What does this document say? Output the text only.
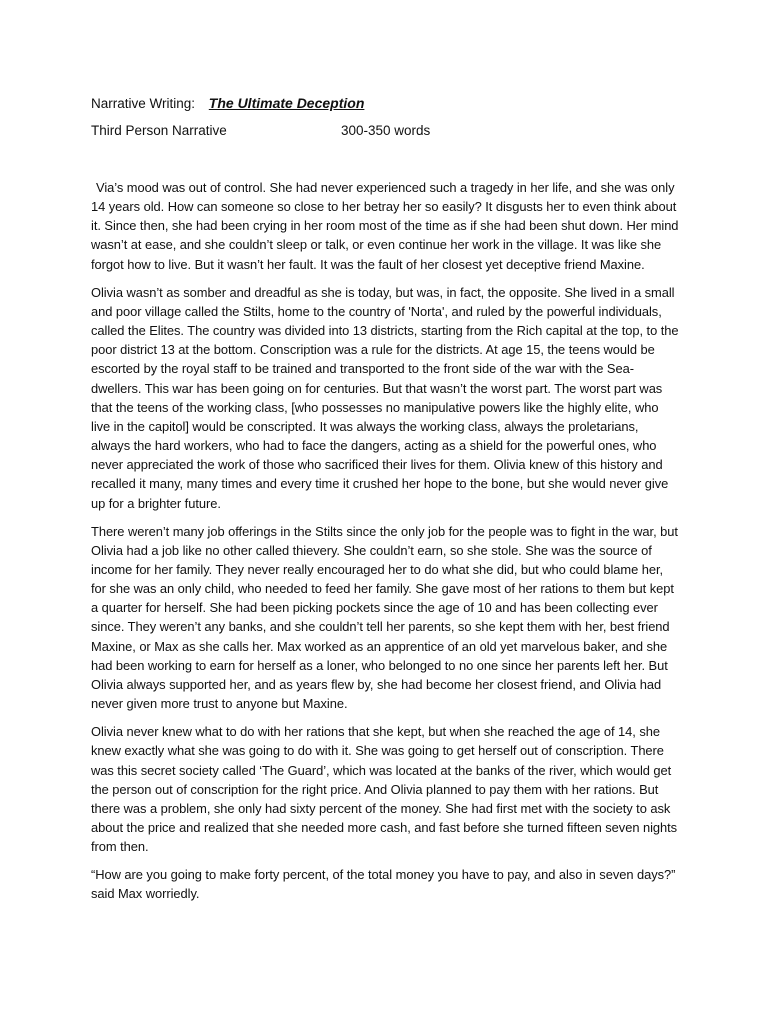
Narrative Writing: The Ultimate Deception
Third Person Narrative	300-350 words

Via’s mood was out of control. She had never experienced such a tragedy in her life, and she was only 14 years old. How can someone so close to her betray her so easily? It disgusts her to even think about it. Since then, she had been crying in her room most of the time as if she had been shut down. Her mind wasn’t at ease, and she couldn’t sleep or talk, or even continue her work in the village. It was like she forgot how to live. But it wasn’t her fault. It was the fault of her closest yet deceptive friend Maxine.

Olivia wasn’t as somber and dreadful as she is today, but was, in fact, the opposite. She lived in a small and poor village called the Stilts, home to the country of 'Norta', and ruled by the powerful individuals, called the Elites. The country was divided into 13 districts, starting from the Rich capital at the top, to the poor district 13 at the bottom. Conscription was a rule for the districts. At age 15, the teens would be escorted by the royal staff to be trained and transported to the front side of the war with the Sea-dwellers. This war has been going on for centuries. But that wasn’t the worst part. The worst part was that the teens of the working class, [who possesses no manipulative powers like the highly elite, who live in the capitol] would be conscripted. It was always the working class, always the proletarians, always the hard workers, who had to face the dangers, acting as a shield for the powerful ones, who never appreciated the work of those who sacrificed their lives for them. Olivia knew of this history and recalled it many, many times and every time it crushed her hope to the bone, but she would never give up for a brighter future.

There weren’t many job offerings in the Stilts since the only job for the people was to fight in the war, but Olivia had a job like no other called thievery. She couldn’t earn, so she stole. She was the source of income for her family. They never really encouraged her to do what she did, but who could blame her, for she was an only child, who needed to feed her family. She gave most of her rations to them but kept a quarter for herself. She had been picking pockets since the age of 10 and has been collecting ever since. They weren’t any banks, and she couldn’t tell her parents, so she kept them with her, best friend Maxine, or Max as she calls her. Max worked as an apprentice of an old yet marvelous baker, and she had been working to earn for herself as a loner, who belonged to no one since her parents left her. But Olivia always supported her, and as years flew by, she had become her closest friend, and Olivia had never given more trust to anyone but Maxine.

Olivia never knew what to do with her rations that she kept, but when she reached the age of 14, she knew exactly what she was going to do with it. She was going to get herself out of conscription. There was this secret society called ‘The Guard’, which was located at the banks of the river, which would get the person out of conscription for the right price. And Olivia planned to pay them with her rations. But there was a problem, she only had sixty percent of the money. She had first met with the society to ask about the price and realized that she needed more cash, and fast before she turned fifteen seven nights from then.

“How are you going to make forty percent, of the total money you have to pay, and also in seven days?” said Max worriedly.
